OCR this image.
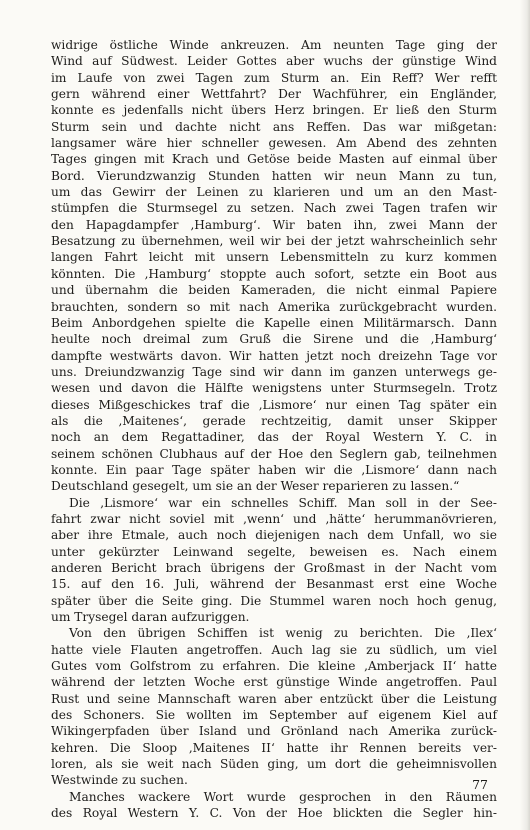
widrige östliche Winde ankreuzen. Am neunten Tage ging der
Wind auf Südwest. Leider Gottes aber wuchs der günstige Wind
im Laufe von zwei Tagen zum Sturm an. Ein Reff? Wer refft
gern während einer Wettfahrt? Der Wachführer, ein Engländer,
konnte es jedenfalls nicht übers Herz bringen. Er ließ den Sturm
Sturm sein und dachte nicht ans Reffen. Das war mißgetan:
langsamer wäre hier schneller gewesen. Am Abend des zehnten
Tages gingen mit Krach und Getöse beide Masten auf einmal über
Bord. Vierundzwanzig Stunden hatten wir neun Mann zu tun,
um das Gewirr der Leinen zu klarieren und um an den Mast-
stümpfen die Sturmsegel zu setzen. Nach zwei Tagen trafen wir
den Hapagdampfer ‚Hamburg‘. Wir baten ihn, zwei Mann der
Besatzung zu übernehmen, weil wir bei der jetzt wahrscheinlich sehr
langen Fahrt leicht mit unsern Lebensmitteln zu kurz kommen
könnten. Die ‚Hamburg‘ stoppte auch sofort, setzte ein Boot aus
und übernahm die beiden Kameraden, die nicht einmal Papiere
brauchten, sondern so mit nach Amerika zurückgebracht wurden.
Beim Anbordgehen spielte die Kapelle einen Militärmarsch. Dann
heulte noch dreimal zum Gruß die Sirene und die ‚Hamburg‘
dampfte westwärts davon. Wir hatten jetzt noch dreizehn Tage vor
uns. Dreiundzwanzig Tage sind wir dann im ganzen unterwegs ge-
wesen und davon die Hälfte wenigstens unter Sturmsegeln. Trotz
dieses Mißgeschickes traf die ‚Lismore‘ nur einen Tag später ein
als die ‚Maitenes‘, gerade rechtzeitig, damit unser Skipper
noch an dem Regattadiner, das der Royal Western Y. C. in
seinem schönen Clubhaus auf der Hoe den Seglern gab, teilnehmen
konnte. Ein paar Tage später haben wir die ‚Lismore‘ dann nach
Deutschland gesegelt, um sie an der Weser reparieren zu lassen.“
Die ‚Lismore‘ war ein schnelles Schiff. Man soll in der See-
fahrt zwar nicht soviel mit ‚wenn‘ und ‚hätte‘ herummanövrieren,
aber ihre Etmale, auch noch diejenigen nach dem Unfall, wo sie
unter gekürzter Leinwand segelte, beweisen es. Nach einem
anderen Bericht brach übrigens der Großmast in der Nacht vom
15. auf den 16. Juli, während der Besanmast erst eine Woche
später über die Seite ging. Die Stummel waren noch hoch genug,
um Trysegel daran aufzuriggen.
Von den übrigen Schiffen ist wenig zu berichten. Die ‚Ilex‘
hatte viele Flauten angetroffen. Auch lag sie zu südlich, um viel
Gutes vom Golfstrom zu erfahren. Die kleine ‚Amberjack II‘ hatte
während der letzten Woche erst günstige Winde angetroffen. Paul
Rust und seine Mannschaft waren aber entzückt über die Leistung
des Schoners. Sie wollten im September auf eigenem Kiel auf
Wikingerpfaden über Island und Grönland nach Amerika zurück-
kehren. Die Sloop ‚Maitenes II‘ hatte ihr Rennen bereits ver-
loren, als sie weit nach Süden ging, um dort die geheimnisvollen
Westwinde zu suchen.
Manches wackere Wort wurde gesprochen in den Räumen
des Royal Western Y. C. Von der Hoe blickten die Segler hin-
77
